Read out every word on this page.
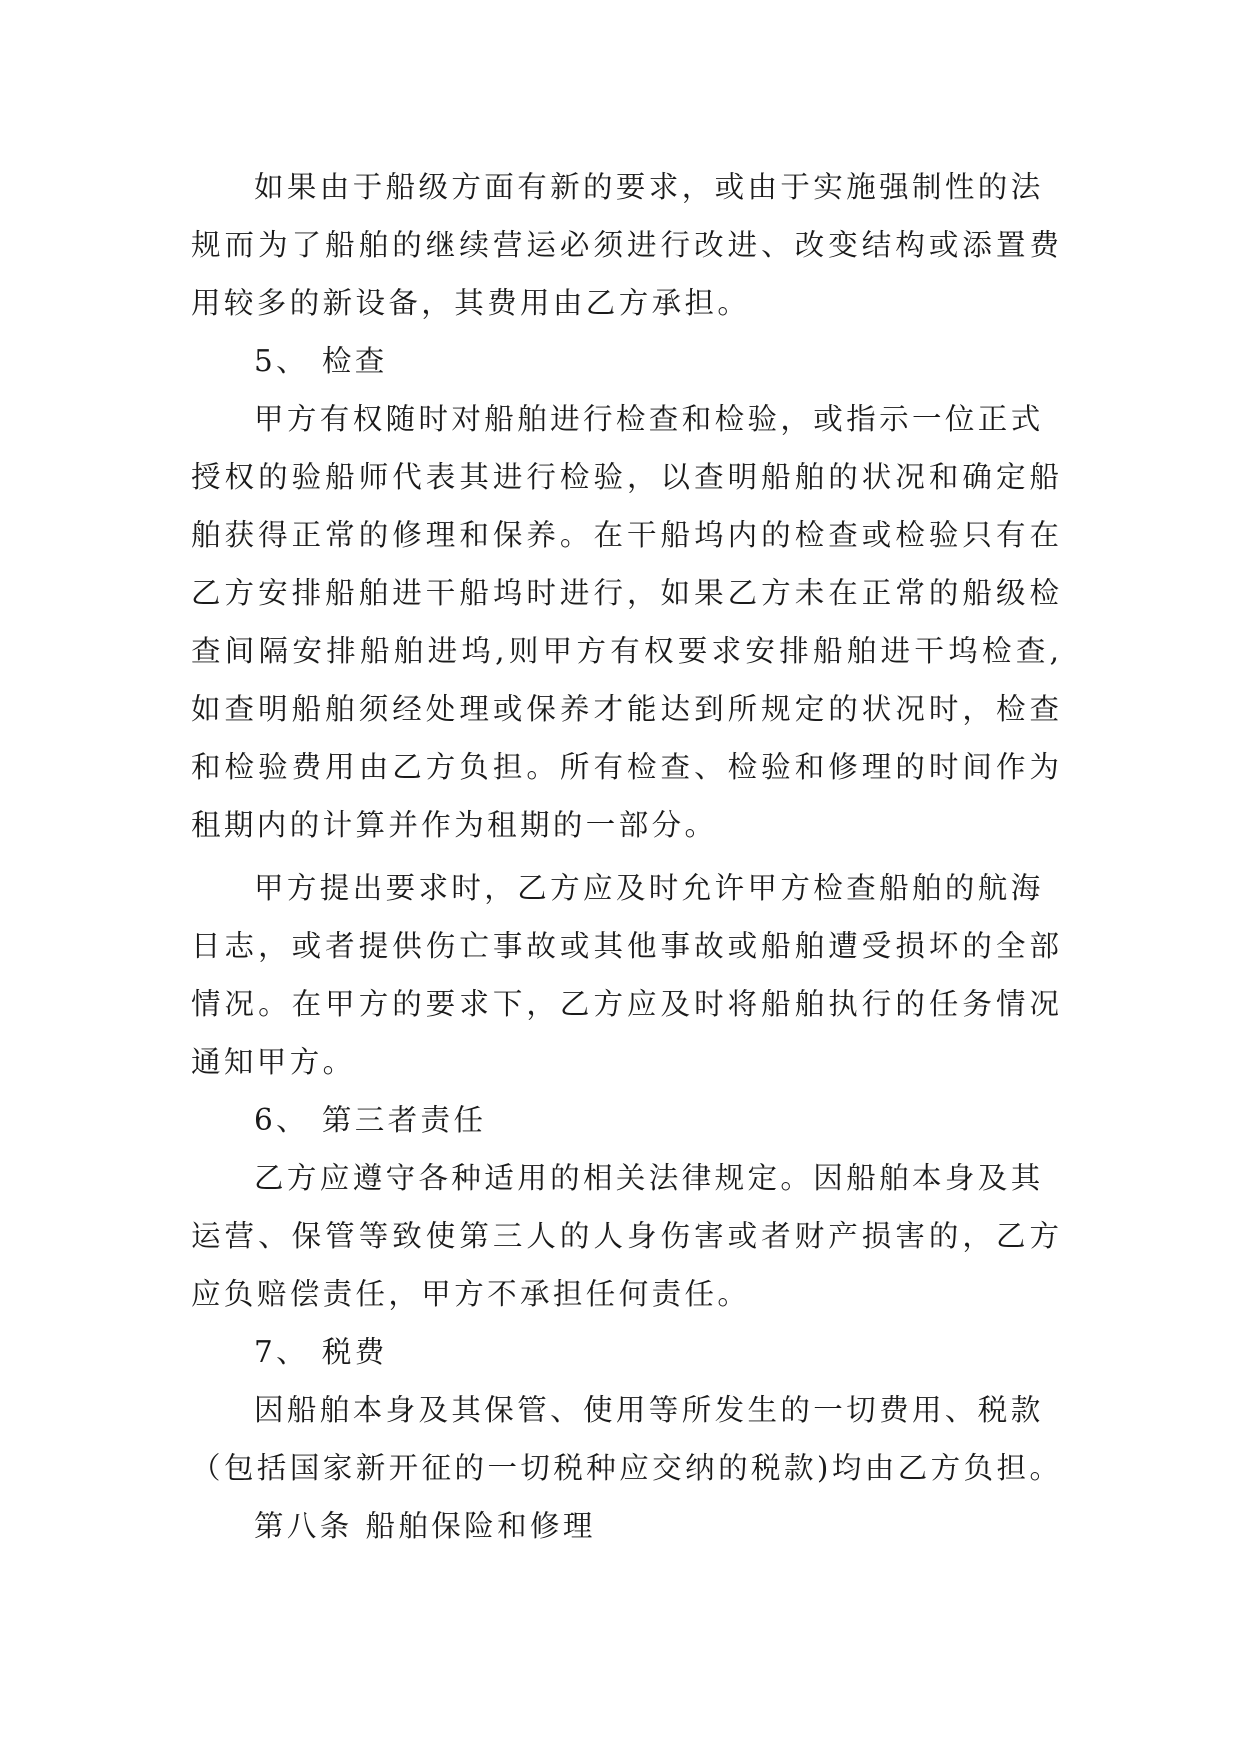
如果由于船级方面有新的要求，或由于实施强制性的法
规而为了船舶的继续营运必须进行改进、改变结构或添置费
用较多的新设备，其费用由乙方承担。
5、 检查
甲方有权随时对船舶进行检查和检验，或指示一位正式
授权的验船师代表其进行检验，以查明船舶的状况和确定船
舶获得正常的修理和保养。在干船坞内的检查或检验只有在
乙方安排船舶进干船坞时进行，如果乙方未在正常的船级检
查间隔安排船舶进坞,则甲方有权要求安排船舶进干坞检查,
如查明船舶须经处理或保养才能达到所规定的状况时，检查
和检验费用由乙方负担。所有检查、检验和修理的时间作为
租期内的计算并作为租期的一部分。
甲方提出要求时，乙方应及时允许甲方检查船舶的航海
日志，或者提供伤亡事故或其他事故或船舶遭受损坏的全部
情况。在甲方的要求下，乙方应及时将船舶执行的任务情况
通知甲方。
6、 第三者责任
乙方应遵守各种适用的相关法律规定。因船舶本身及其
运营、保管等致使第三人的人身伤害或者财产损害的，乙方
应负赔偿责任，甲方不承担任何责任。
7、 税费
因船舶本身及其保管、使用等所发生的一切费用、税款
（包括国家新开征的一切税种应交纳的税款)均由乙方负担。
第八条 船舶保险和修理
